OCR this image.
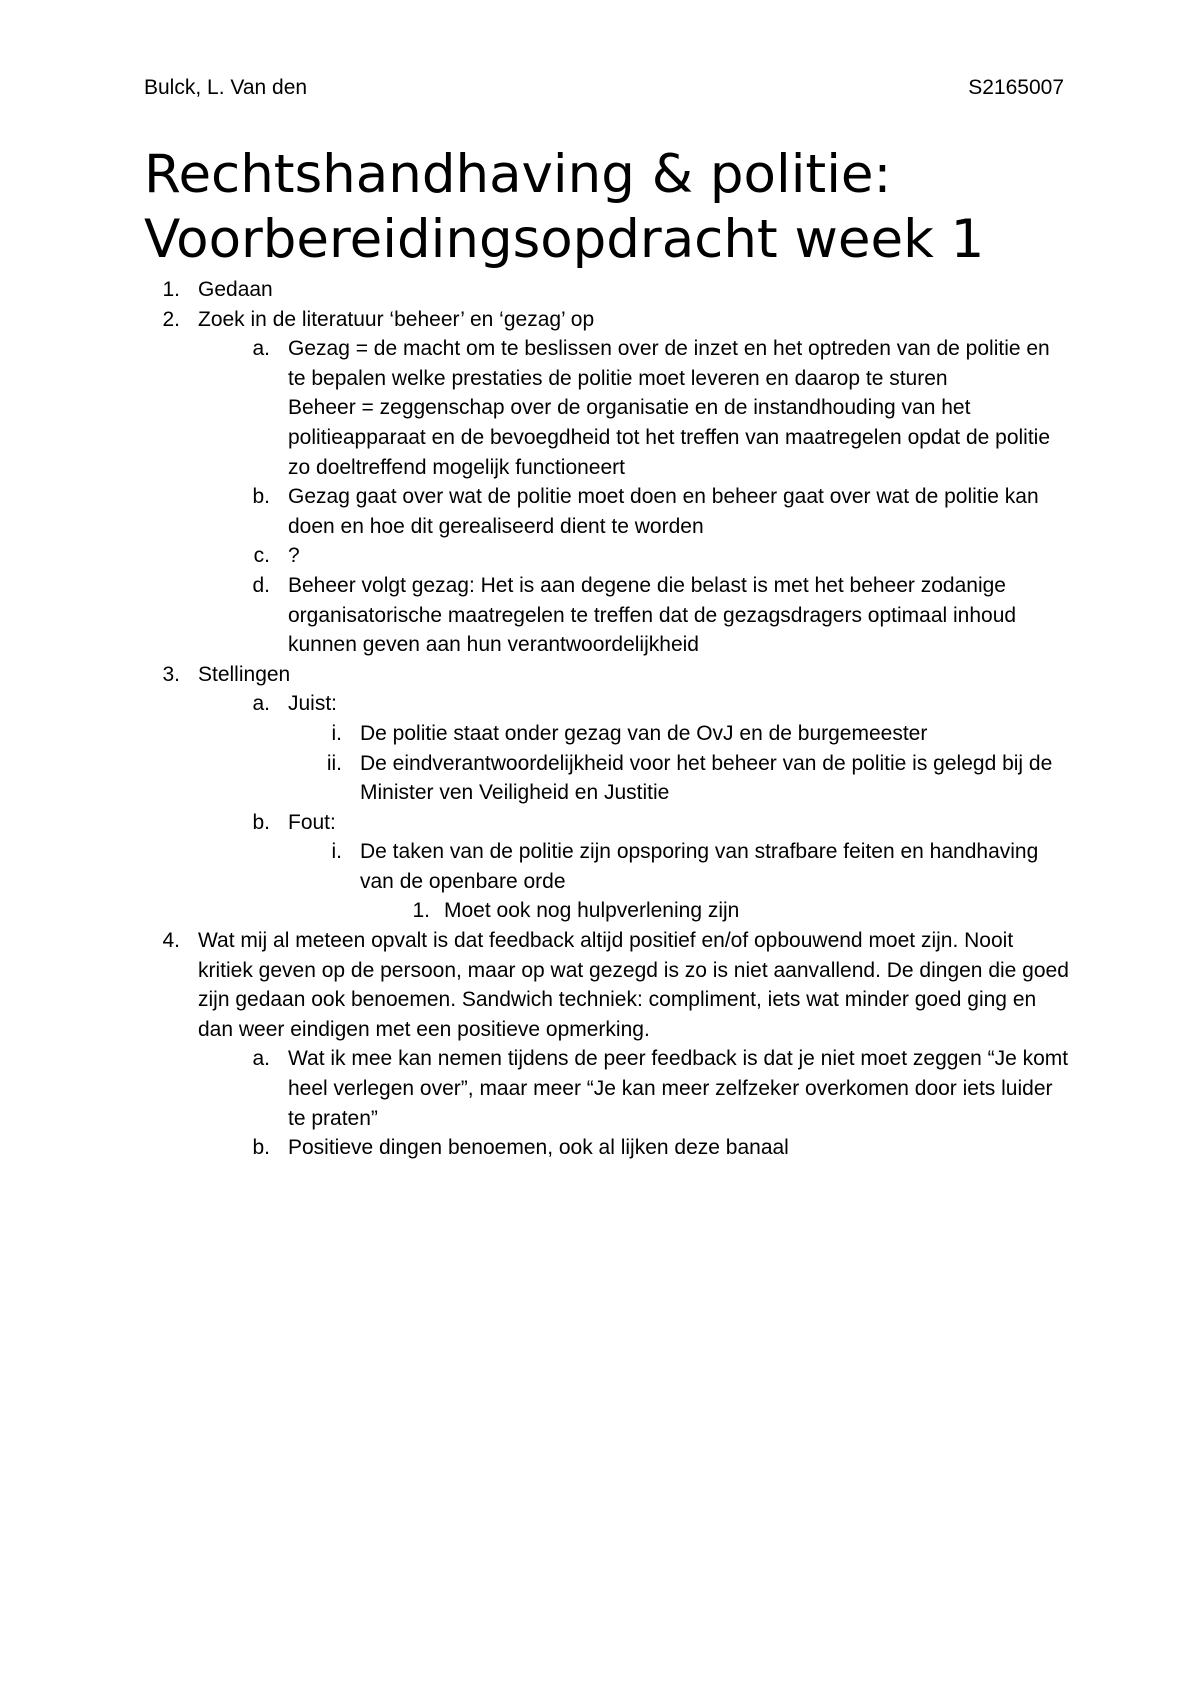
Bulck, L. Van den	S2165007
Rechtshandhaving & politie:
Voorbereidingsopdracht week 1
1. Gedaan
2. Zoek in de literatuur ‘beheer’ en ‘gezag’ op
a. Gezag = de macht om te beslissen over de inzet en het optreden van de politie en te bepalen welke prestaties de politie moet leveren en daarop te sturen
Beheer = zeggenschap over de organisatie en de instandhouding van het politieapparaat en de bevoegdheid tot het treffen van maatregelen opdat de politie zo doeltreffend mogelijk functioneert
b. Gezag gaat over wat de politie moet doen en beheer gaat over wat de politie kan doen en hoe dit gerealiseerd dient te worden
c. ?
d. Beheer volgt gezag: Het is aan degene die belast is met het beheer zodanige organisatorische maatregelen te treffen dat de gezagsdragers optimaal inhoud kunnen geven aan hun verantwoordelijkheid
3. Stellingen
a. Juist:
i. De politie staat onder gezag van de OvJ en de burgemeester
ii. De eindverantwoordelijkheid voor het beheer van de politie is gelegd bij de Minister ven Veiligheid en Justitie
b. Fout:
i. De taken van de politie zijn opsporing van strafbare feiten en handhaving van de openbare orde
1. Moet ook nog hulpverlening zijn
4. Wat mij al meteen opvalt is dat feedback altijd positief en/of opbouwend moet zijn. Nooit kritiek geven op de persoon, maar op wat gezegd is zo is niet aanvallend. De dingen die goed zijn gedaan ook benoemen. Sandwich techniek: compliment, iets wat minder goed ging en dan weer eindigen met een positieve opmerking.
a. Wat ik mee kan nemen tijdens de peer feedback is dat je niet moet zeggen “Je komt heel verlegen over”, maar meer “Je kan meer zelfzeker overkomen door iets luider te praten”
b. Positieve dingen benoemen, ook al lijken deze banaal
